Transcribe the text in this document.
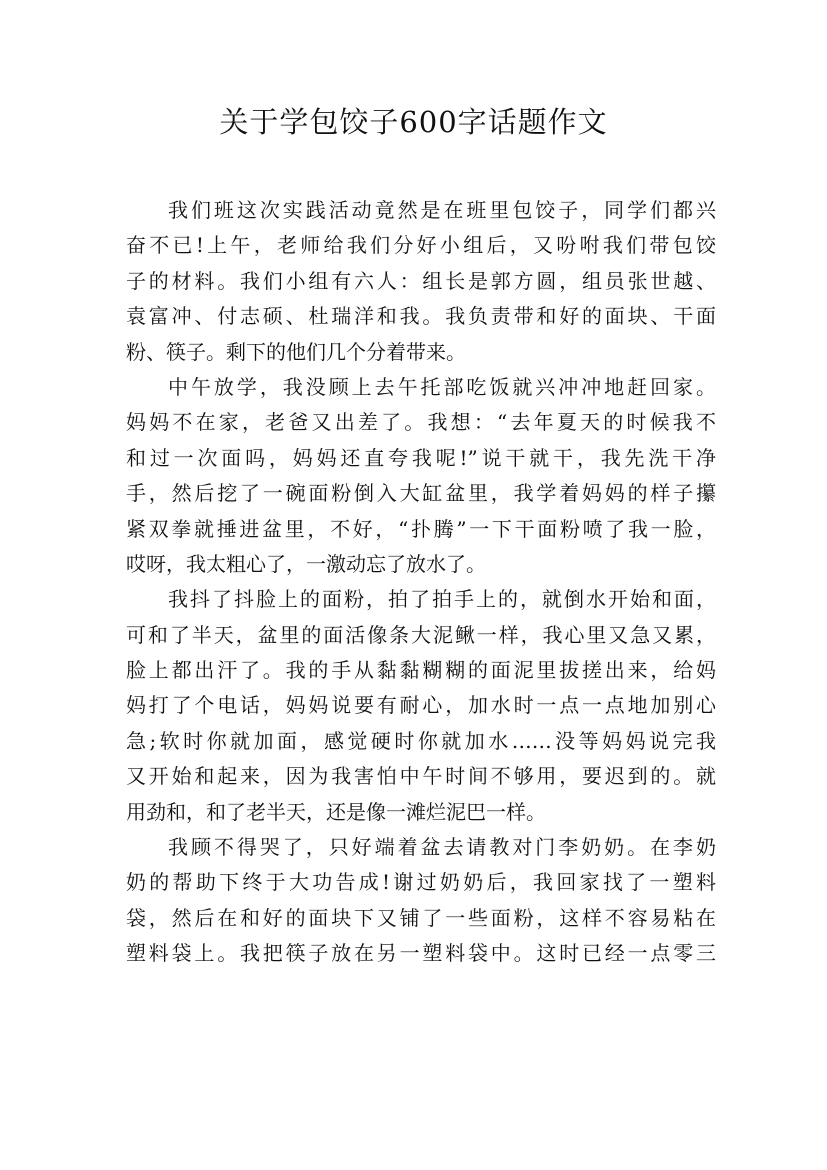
关于学包饺子600字话题作文
我们班这次实践活动竟然是在班里包饺子，同学们都兴
奋不已!上午，老师给我们分好小组后，又吩咐我们带包饺
子的材料。我们小组有六人：组长是郭方圆，组员张世越、
袁富冲、付志硕、杜瑞洋和我。我负责带和好的面块、干面
粉、筷子。剩下的他们几个分着带来。
中午放学，我没顾上去午托部吃饭就兴冲冲地赶回家。
妈妈不在家，老爸又出差了。我想：“去年夏天的时候我不
和过一次面吗，妈妈还直夸我呢!”说干就干，我先洗干净
手，然后挖了一碗面粉倒入大缸盆里，我学着妈妈的样子攥
紧双拳就捶进盆里，不好，“扑腾”一下干面粉喷了我一脸，
哎呀，我太粗心了，一激动忘了放水了。
我抖了抖脸上的面粉，拍了拍手上的，就倒水开始和面，
可和了半天，盆里的面活像条大泥鳅一样，我心里又急又累，
脸上都出汗了。我的手从黏黏糊糊的面泥里拔搓出来，给妈
妈打了个电话，妈妈说要有耐心，加水时一点一点地加别心
急;软时你就加面，感觉硬时你就加水……没等妈妈说完我
又开始和起来，因为我害怕中午时间不够用，要迟到的。就
用劲和，和了老半天，还是像一滩烂泥巴一样。
我顾不得哭了，只好端着盆去请教对门李奶奶。在李奶
奶的帮助下终于大功告成!谢过奶奶后，我回家找了一塑料
袋，然后在和好的面块下又铺了一些面粉，这样不容易粘在
塑料袋上。我把筷子放在另一塑料袋中。这时已经一点零三
